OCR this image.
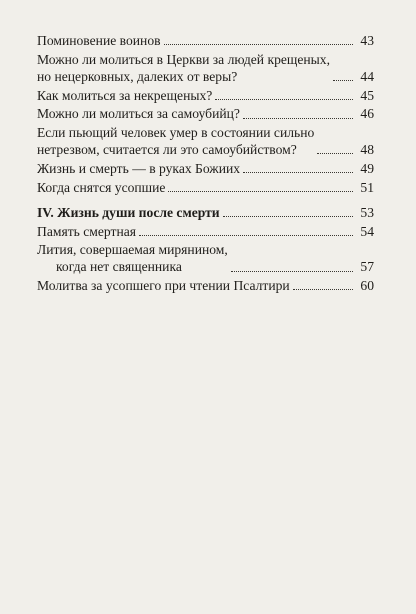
Поминовение воинов	43
Можно ли молиться в Церкви за людей крещеных,
но нецерковных, далеких от веры?	44
Как молиться за некрещеных?	45
Можно ли молиться за самоубийц?	46
Если пьющий человек умер в состоянии сильно
нетрезвом, считается ли это самоубийством?	48
Жизнь и смерть — в руках Божиих	49
Когда снятся усопшие	51
IV. Жизнь души после смерти	53
Память смертная	54
Лития, совершаемая мирянином,
когда нет священника	57
Молитва за усопшего при чтении Псалтири	60
